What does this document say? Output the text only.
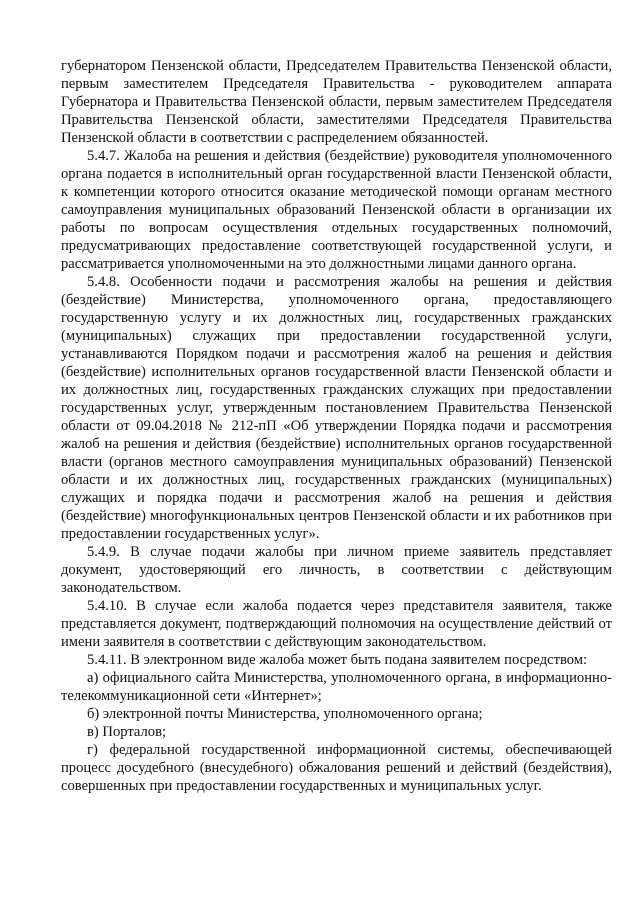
губернатором Пензенской области, Председателем Правительства Пензенской области, первым заместителем Председателя Правительства - руководителем аппарата Губернатора и Правительства Пензенской области, первым заместителем Председателя Правительства Пензенской области, заместителями Председателя Правительства Пензенской области в соответствии с распределением обязанностей.

5.4.7. Жалоба на решения и действия (бездействие) руководителя уполномоченного органа подается в исполнительный орган государственной власти Пензенской области, к компетенции которого относится оказание методической помощи органам местного самоуправления муниципальных образований Пензенской области в организации их работы по вопросам осуществления отдельных государственных полномочий, предусматривающих предоставление соответствующей государственной услуги, и рассматривается уполномоченными на это должностными лицами данного органа.

5.4.8. Особенности подачи и рассмотрения жалобы на решения и действия (бездействие) Министерства, уполномоченного органа, предоставляющего государственную услугу и их должностных лиц, государственных гражданских (муниципальных) служащих при предоставлении государственной услуги, устанавливаются Порядком подачи и рассмотрения жалоб на решения и действия (бездействие) исполнительных органов государственной власти Пензенской области и их должностных лиц, государственных гражданских служащих при предоставлении государственных услуг, утвержденным постановлением Правительства Пензенской области от 09.04.2018 № 212-пП «Об утверждении Порядка подачи и рассмотрения жалоб на решения и действия (бездействие) исполнительных органов государственной власти (органов местного самоуправления муниципальных образований) Пензенской области и их должностных лиц, государственных гражданских (муниципальных) служащих и порядка подачи и рассмотрения жалоб на решения и действия (бездействие) многофункциональных центров Пензенской области и их работников при предоставлении государственных услуг».

5.4.9. В случае подачи жалобы при личном приеме заявитель представляет документ, удостоверяющий его личность, в соответствии с действующим законодательством.

5.4.10. В случае если жалоба подается через представителя заявителя, также представляется документ, подтверждающий полномочия на осуществление действий от имени заявителя в соответствии с действующим законодательством.

5.4.11. В электронном виде жалоба может быть подана заявителем посредством:

а) официального сайта Министерства, уполномоченного органа, в информационно-телекоммуникационной сети «Интернет»;

б) электронной почты Министерства, уполномоченного органа;

в) Порталов;

г) федеральной государственной информационной системы, обеспечивающей процесс досудебного (внесудебного) обжалования решений и действий (бездействия), совершенных при предоставлении государственных и муниципальных услуг.
